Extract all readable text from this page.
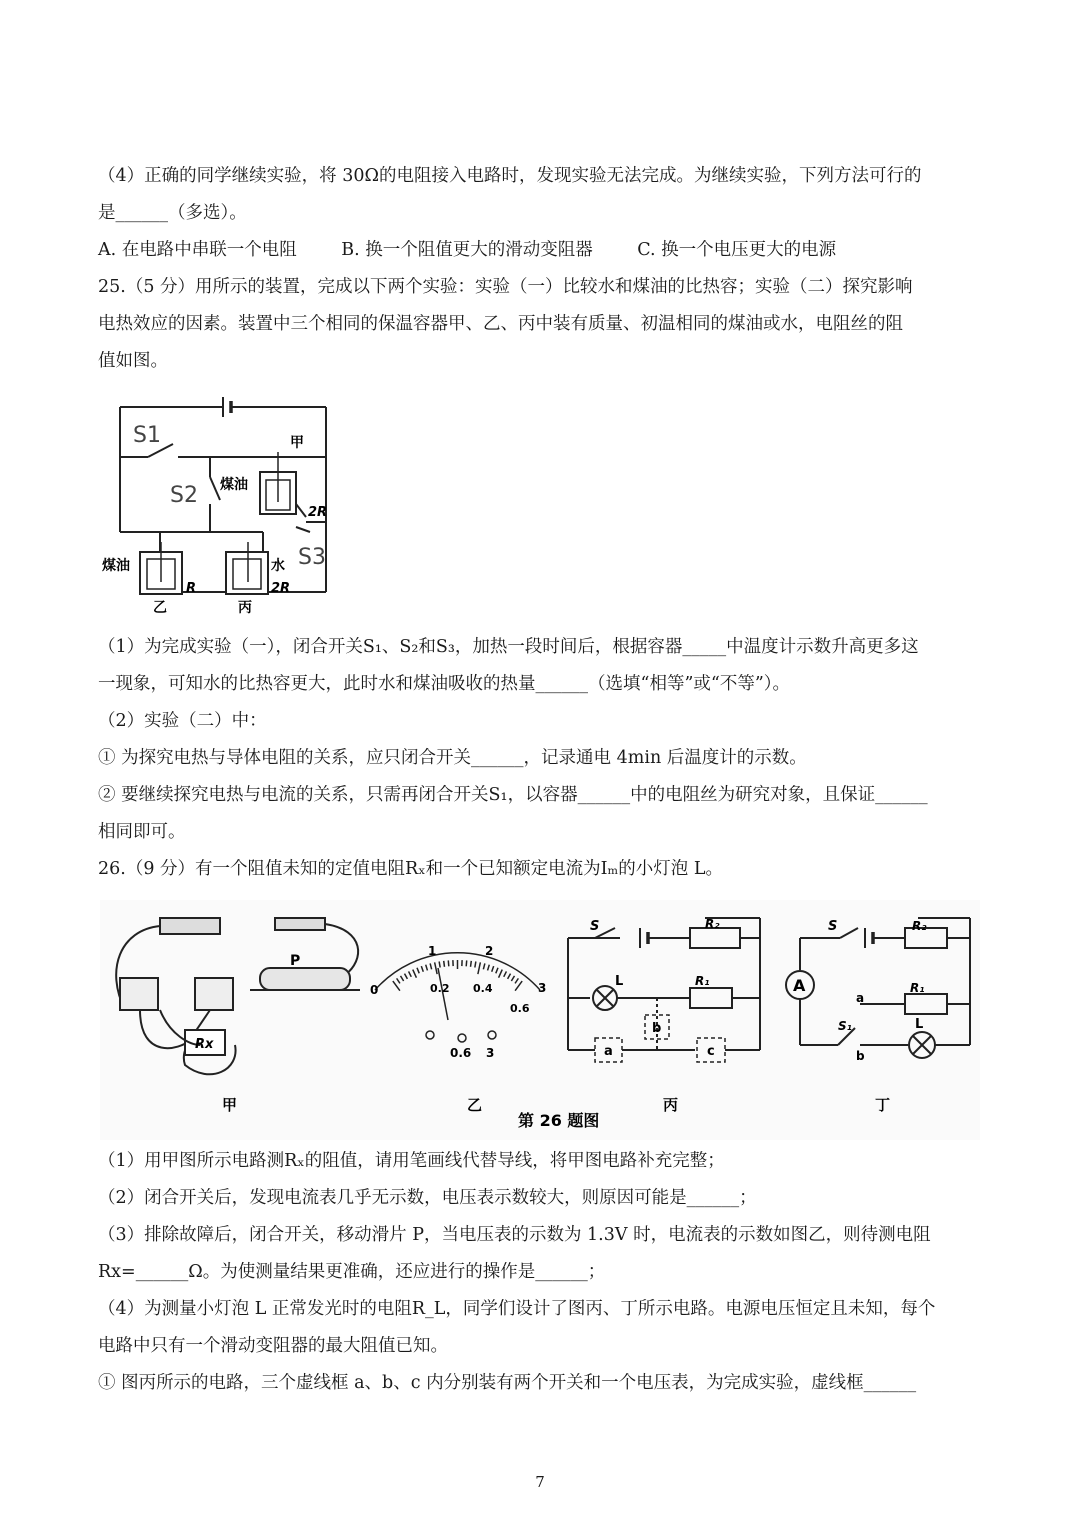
（4）正确的同学继续实验，将 30Ω的电阻接入电路时，发现实验无法完成。为继续实验，下列方法可行的
是______（多选）。
A. 在电路中串联一个电阻        B. 换一个阻值更大的滑动变阻器        C. 换一个电压更大的电源
25.（5 分）用所示的装置，完成以下两个实验：实验（一）比较水和煤油的比热容；实验（二）探究影响
电热效应的因素。装置中三个相同的保温容器甲、乙、丙中装有质量、初温相同的煤油或水，电阻丝的阻
值如图。
S1
S2
S3
甲
煤油
2R
煤油
R
水
2R
乙	丙
（1）为完成实验（一），闭合开关S₁、S₂和S₃，加热一段时间后，根据容器_____中温度计示数升高更多这
一现象，可知水的比热容更大，此时水和煤油吸收的热量______（选填“相等”或“不等”）。
（2）实验（二）中：
① 为探究电热与导体电阻的关系，应只闭合开关______，记录通电 4min 后温度计的示数。
② 要继续探究电热与电流的关系，只需再闭合开关S₁，以容器______中的电阻丝为研究对象，且保证______
相同即可。
26.（9 分）有一个阻值未知的定值电阻Rₓ和一个已知额定电流为Iₘ的小灯泡 L。
P
Rx
0
1	2
3
0.2 0.4
0.6
0.6 3
S	R₂
L	R₁
a
b
c
A
S	R₂
R₁
a
S₁
b
L
甲	乙
第 26 题图
丙	丁
（1）用甲图所示电路测Rₓ的阻值，请用笔画线代替导线，将甲图电路补充完整；
（2）闭合开关后，发现电流表几乎无示数，电压表示数较大，则原因可能是______；
（3）排除故障后，闭合开关，移动滑片 P，当电压表的示数为 1.3V 时，电流表的示数如图乙，则待测电阻
Rx=______Ω。为使测量结果更准确，还应进行的操作是______；
（4）为测量小灯泡 L 正常发光时的电阻R_L，同学们设计了图丙、丁所示电路。电源电压恒定且未知，每个
电路中只有一个滑动变阻器的最大阻值已知。
① 图丙所示的电路，三个虚线框 a、b、c 内分别装有两个开关和一个电压表，为完成实验，虚线框______
7
